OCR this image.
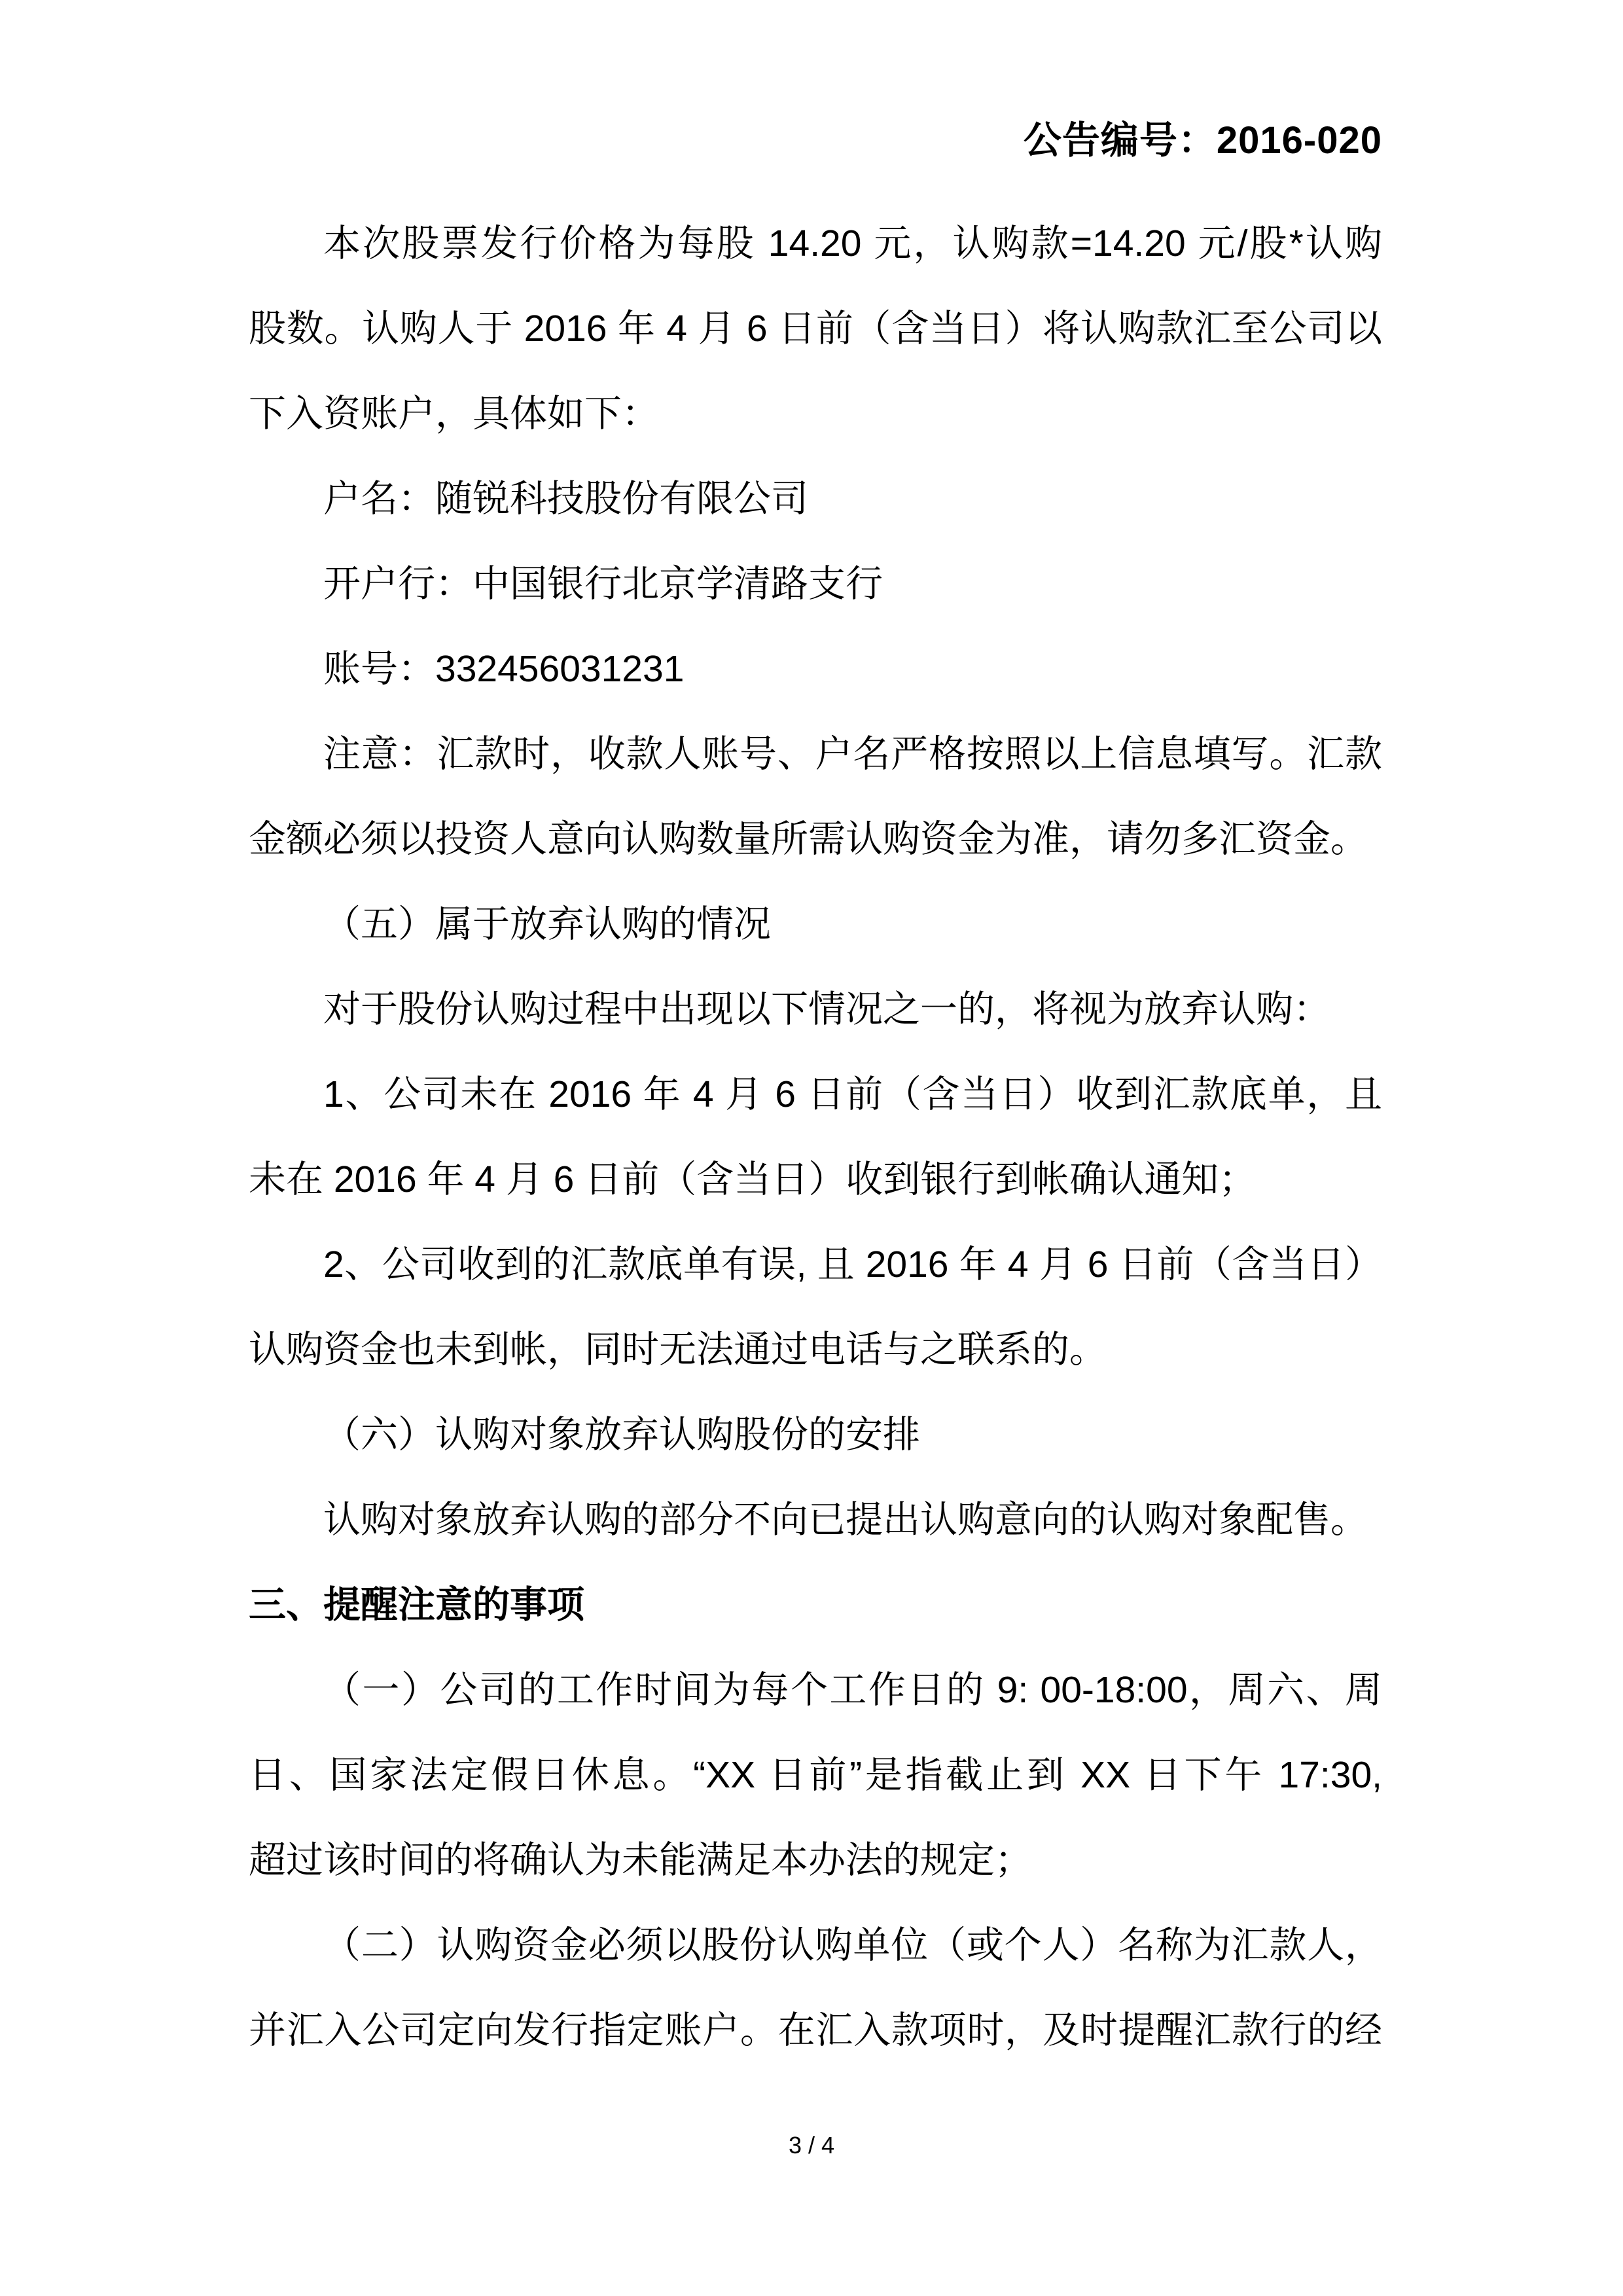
公告编号：2016-020
本次股票发行价格为每股 14.20 元，认购款=14.20 元/股*认购
股数。认购人于 2016 年 4 月 6 日前（含当日）将认购款汇至公司以
下入资账户，具体如下：
户名：随锐科技股份有限公司
开户行：中国银行北京学清路支行
账号：332456031231
注意：汇款时，收款人账号、户名严格按照以上信息填写。汇款
金额必须以投资人意向认购数量所需认购资金为准，请勿多汇资金。
（五）属于放弃认购的情况
对于股份认购过程中出现以下情况之一的，将视为放弃认购：
1、公司未在 2016 年 4 月 6 日前（含当日）收到汇款底单，且
未在 2016 年 4 月 6 日前（含当日）收到银行到帐确认通知；
2、公司收到的汇款底单有误, 且 2016 年 4 月 6 日前（含当日）
认购资金也未到帐，同时无法通过电话与之联系的。
（六）认购对象放弃认购股份的安排
认购对象放弃认购的部分不向已提出认购意向的认购对象配售。
三、提醒注意的事项
（一）公司的工作时间为每个工作日的 9: 00-18:00，周六、周
日、国家法定假日休息。“XX 日前”是指截止到 XX 日下午 17:30,
超过该时间的将确认为未能满足本办法的规定；
（二）认购资金必须以股份认购单位（或个人）名称为汇款人，
并汇入公司定向发行指定账户。在汇入款项时，及时提醒汇款行的经
3 / 4
